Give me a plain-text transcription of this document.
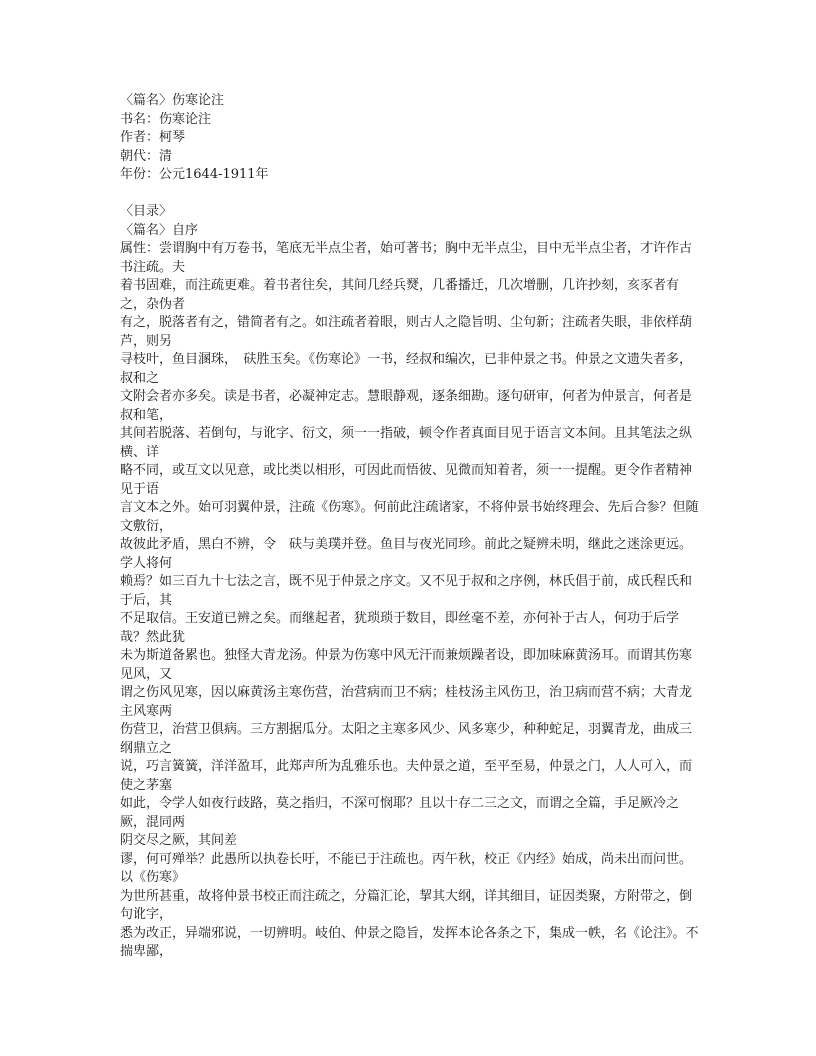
〈篇名〉伤寒论注
书名：伤寒论注
作者：柯琴
朝代：清
年份：公元1644-1911年
〈目录〉
〈篇名〉自序
属性：尝谓胸中有万卷书，笔底无半点尘者，始可著书；胸中无半点尘，目中无半点尘者，才许作古书注疏。夫
着书固难，而注疏更难。着书者往矣，其间几经兵燹，几番播迁，几次增删，几许抄刻，亥豕者有之，杂伪者
有之，脱落者有之，错简者有之。如注疏者着眼，则古人之隐旨明、尘句新；注疏者失眼，非依样葫芦，则另
寻枝叶，鱼目溷珠，　砆胜玉矣。《伤寒论》一书，经叔和编次，已非仲景之书。仲景之文遗失者多，叔和之
文附会者亦多矣。读是书者，必凝神定志。慧眼静观，逐条细勘。逐句研审，何者为仲景言，何者是叔和笔，
其间若脱落、若倒句，与讹字、衍文，须一一指破，顿令作者真面目见于语言文本间。且其笔法之纵横、详
略不同，或互文以见意，或比类以相形，可因此而悟彼、见微而知着者，须一一提醒。更令作者精神见于语
言文本之外。始可羽翼仲景，注疏《伤寒》。何前此注疏诸家，不将仲景书始终理会、先后合参？但随文敷衍，
故彼此矛盾，黑白不辨，令　砆与美璞并登。鱼目与夜光同珍。前此之疑辨未明，继此之迷涂更远。学人将何
赖焉？如三百九十七法之言，既不见于仲景之序文。又不见于叔和之序例，林氏倡于前，成氏程氏和于后，其
不足取信。王安道已辨之矣。而继起者，犹琐琐于数目，即丝毫不差，亦何补于古人，何功于后学哉？然此犹
未为斯道备累也。独怪大青龙汤。仲景为伤寒中风无汗而兼烦躁者设，即加味麻黄汤耳。而谓其伤寒见风，又
谓之伤风见寒，因以麻黄汤主寒伤营，治营病而卫不病；桂枝汤主风伤卫，治卫病而营不病；大青龙主风寒两
伤营卫，治营卫俱病。三方割据瓜分。太阳之主寒多风少、风多寒少，种种蛇足，羽翼青龙，曲成三纲鼎立之
说，巧言簧簧，洋洋盈耳，此郑声所为乱雅乐也。夫仲景之道，至平至易，仲景之门，人人可入，而使之茅塞
如此，令学人如夜行歧路，莫之指归，不深可悯耶？且以十存二三之文，而谓之全篇，手足厥冷之厥，混同两
阴交尽之厥，其间差
谬，何可殚举？此愚所以执卷长吁，不能已于注疏也。丙午秋，校正《内经》始成，尚未出而问世。以《伤寒》
为世所甚重，故将仲景书校正而注疏之，分篇汇论，挈其大纲，详其细目，证因类聚，方附带之，倒句讹字，
悉为改正，异端邪说，一切辨明。岐伯、仲景之隐旨，发挥本论各条之下，集成一帙，名《论注》。不揣卑鄙，
